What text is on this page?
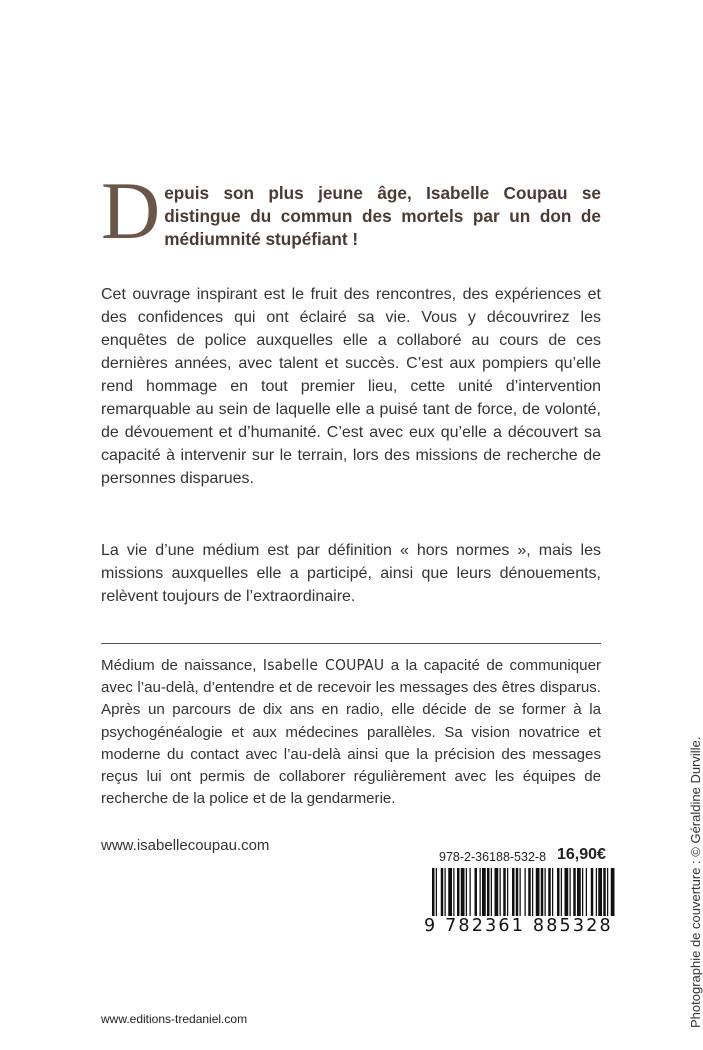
Depuis son plus jeune âge, Isabelle Coupau se distingue du commun des mortels par un don de médiumnité stupéfiant !

Cet ouvrage inspirant est le fruit des rencontres, des expériences et des confidences qui ont éclairé sa vie. Vous y découvrirez les enquêtes de police auxquelles elle a collaboré au cours de ces dernières années, avec talent et succès. C’est aux pompiers qu’elle rend hommage en tout premier lieu, cette unité d’intervention remarquable au sein de laquelle elle a puisé tant de force, de volonté, de dévouement et d’humanité. C’est avec eux qu’elle a découvert sa capacité à intervenir sur le terrain, lors des missions de recherche de personnes disparues.

La vie d’une médium est par définition « hors normes », mais les missions auxquelles elle a participé, ainsi que leurs dénouements, relèvent toujours de l’extraordinaire.

Médium de naissance, Isabelle COUPAU a la capacité de communiquer avec l’au-delà, d’entendre et de recevoir les messages des êtres disparus. Après un parcours de dix ans en radio, elle décide de se former à la psychogénéalogie et aux médecines parallèles. Sa vision novatrice et moderne du contact avec l’au-delà ainsi que la précision des messages reçus lui ont permis de collaborer régulièrement avec les équipes de recherche de la police et de la gendarmerie.

www.isabellecoupau.com
978-2-36188-532-8 16,90€
9 782361 885328
www.editions-tredaniel.com	Photographie de couverture : © Géraldine Durville.
